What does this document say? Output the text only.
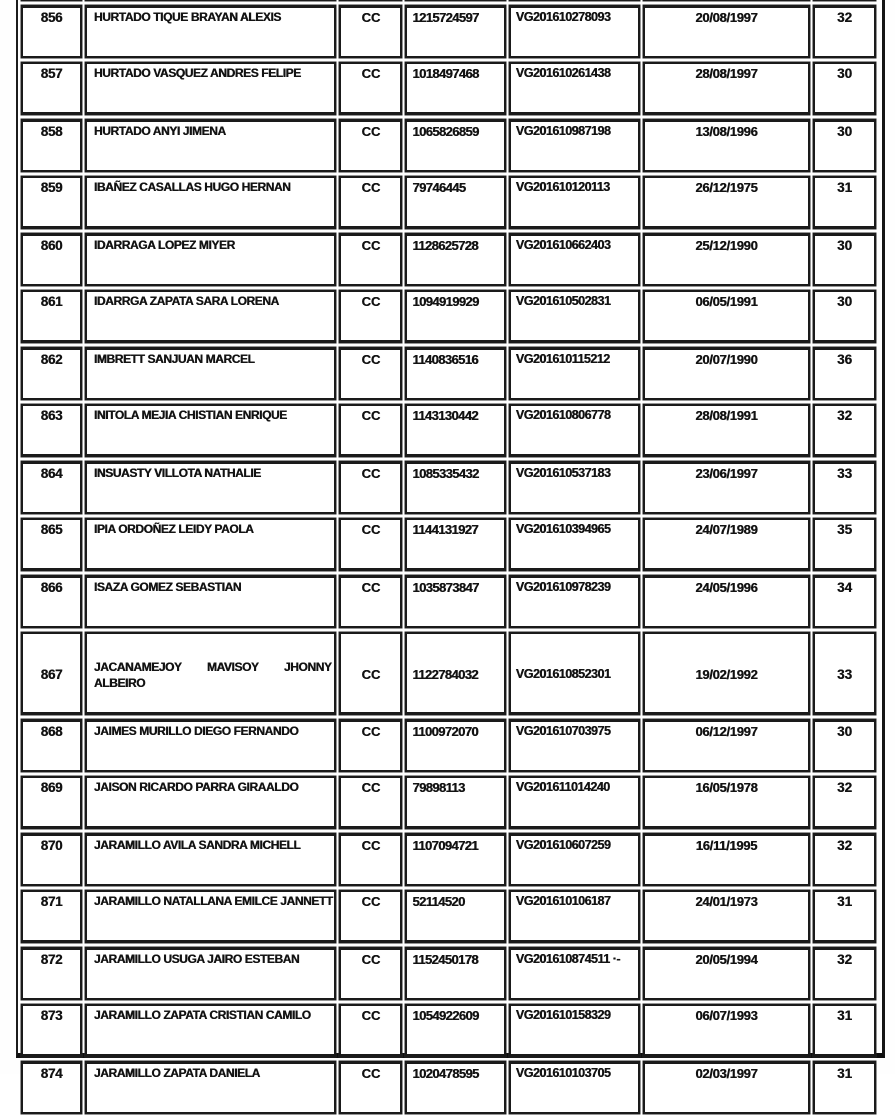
856	HURTADO TIQUE BRAYAN ALEXIS	CC	1215724597	VG201610278093	20/08/1997	32
857	HURTADO VASQUEZ ANDRES FELIPE	CC	1018497468	VG201610261438	28/08/1997	30
858	HURTADO ANYI JIMENA	CC	1065826859	VG201610987198	13/08/1996	30
859	IBAÑEZ CASALLAS HUGO HERNAN	CC	79746445	VG201610120113	26/12/1975	31
860	IDARRAGA LOPEZ MIYER	CC	1128625728	VG201610662403	25/12/1990	30
861	IDARRGA ZAPATA SARA LORENA	CC	1094919929	VG201610502831	06/05/1991	30
862	IMBRETT SANJUAN MARCEL	CC	1140836516	VG201610115212	20/07/1990	36
863	INITOLA MEJIA CHISTIAN ENRIQUE	CC	1143130442	VG201610806778	28/08/1991	32
864	INSUASTY VILLOTA NATHALIE	CC	1085335432	VG201610537183	23/06/1997	33
865	IPIA ORDOÑEZ LEIDY PAOLA	CC	1144131927	VG201610394965	24/07/1989	35
866	ISAZA GOMEZ SEBASTIAN	CC	1035873847	VG201610978239	24/05/1996	34
867	JACANAMEJOY MAVISOY JHONNY
ALBEIRO	CC	1122784032	VG201610852301	19/02/1992	33
868	JAIMES MURILLO DIEGO FERNANDO	CC	1100972070	VG201610703975	06/12/1997	30
869	JAISON RICARDO PARRA GIRAALDO	CC	79898113	VG201611014240	16/05/1978	32
870	JARAMILLO AVILA SANDRA MICHELL	CC	1107094721	VG201610607259	16/11/1995	32
871	JARAMILLO NATALLANA EMILCE JANNETT	CC	52114520	VG201610106187	24/01/1973	31
872	JARAMILLO USUGA JAIRO ESTEBAN	CC	1152450178	VG201610874511 ·-	20/05/1994	32
873	JARAMILLO ZAPATA CRISTIAN CAMILO	CC	1054922609	VG201610158329	06/07/1993	31
874	JARAMILLO ZAPATA DANIELA	CC	1020478595	VG201610103705	02/03/1997	31
